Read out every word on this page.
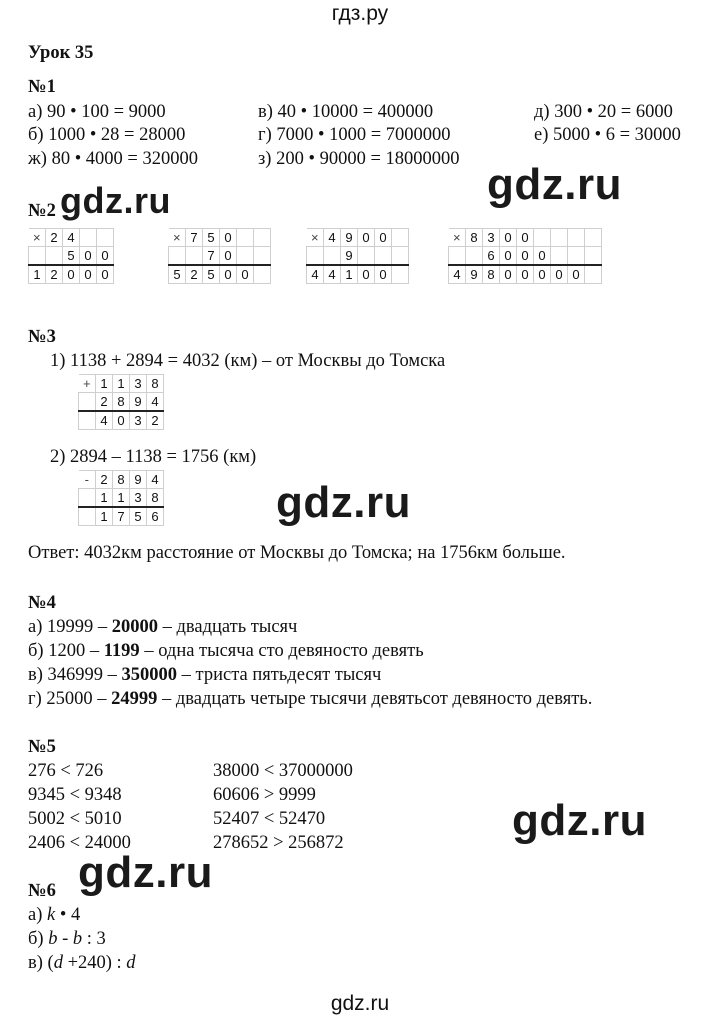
гдз.ру
Урок 35
№1
а) 90 • 100 = 9000	в) 40 • 10000 = 400000	д) 300 • 20 = 6000
б) 1000 • 28 = 28000	г) 7000 • 1000 = 7000000	е) 5000 • 6 = 30000
ж) 80 • 4000 = 320000	з) 200 • 90000 = 18000000
gdz.ru
№2 gdz.ru
×	2	4		
		5	0	0
1	2	0	0	0
×	7	5	0		
		7	0		
5	2	5	0	0	
×	4	9	0	0	
		9			
4	4	1	0	0	
×	8	3	0	0				
		6	0	0	0			
4	9	8	0	0	0	0	0	
№3
1) 1138 + 2894 = 4032 (км) – от Москвы до Томска
+	1	1	3	8
	2	8	9	4
	4	0	3	2
2) 2894 – 1138 = 1756 (км)
-	2	8	9	4
	1	1	3	8
	1	7	5	6	gdz.ru
Ответ: 4032км расстояние от Москвы до Томска; на 1756км больше.
№4
а) 19999 – 20000 – двадцать тысяч
б) 1200 – 1199 – одна тысяча сто девяносто девять
в) 346999 – 350000 – триста пятьдесят тысяч
г) 25000 – 24999 – двадцать четыре тысячи девятьсот девяносто девять.
№5
276 < 726
9345 < 9348
5002 < 5010
2406 < 24000
38000 < 37000000
60606 > 9999
52407 < 52470
278652 > 256872	gdz.ru
№6 gdz.ru
а) k • 4
б) b - b : 3
в) (d +240) : d
gdz.ru
